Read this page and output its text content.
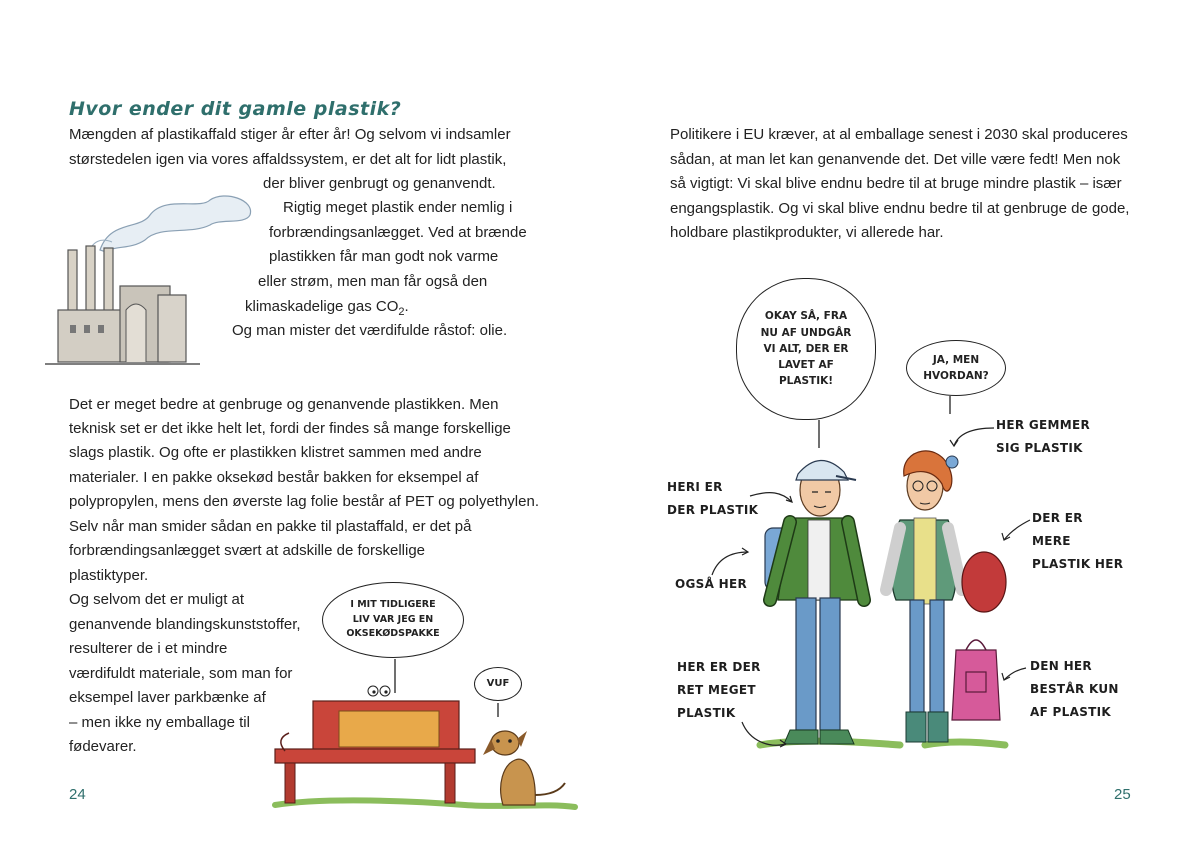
Hvor ender dit gamle plastik?
Mængden af plastikaffald stiger år efter år! Og selvom vi indsamler
størstedelen igen via vores affaldssystem, er det alt for lidt plastik,
der bliver genbrugt og genanvendt.
Rigtig meget plastik ender nemlig i
forbrændingsanlægget. Ved at brænde
plastikken får man godt nok varme
eller strøm, men man får også den
klimaskadelige gas $CO_2$.
Og man mister det værdifulde råstof: olie.
Det er meget bedre at genbruge og genanvende plastikken. Men
teknisk set er det ikke helt let, fordi der findes så mange forskellige
slags plastik. Og ofte er plastikken klistret sammen med andre
materialer. I en pakke oksekød består bakken for eksempel af
polypropylen, mens den øverste lag folie består af PET og polyethylen.
Selv når man smider sådan en pakke til plastaffald, er det på
forbrændingsanlægget svært at adskille de forskellige
plastiktyper.
Og selvom det er muligt at
genanvende blandingskunststoffer,
resulterer de i et mindre
værdifuldt materiale, som man for
eksempel laver parkbænke af
– men ikke ny emballage til
fødevarer.
I MIT TIDLIGERE
LIV VAR JEG EN
OKSEKØDSPAKKE
VUF
24
Politikere i EU kræver, at al emballage senest i 2030 skal produceres
sådan, at man let kan genanvende det. Det ville være fedt! Men nok
så vigtigt: Vi skal blive endnu bedre til at bruge mindre plastik – især
engangsplastik. Og vi skal blive endnu bedre til at genbruge de gode,
holdbare plastikprodukter, vi allerede har.
OKAY SÅ, FRA
NU AF UNDGÅR
VI ALT, DER ER
LAVET AF
PLASTIK!
JA, MEN
HVORDAN?
HER GEMMER
SIG PLASTIK
HERI ER
DER PLASTIK
OGSÅ HER
HER ER DER
RET MEGET
PLASTIK
DER ER
MERE
PLASTIK HER
DEN HER
BESTÅR KUN
AF PLASTIK
25
